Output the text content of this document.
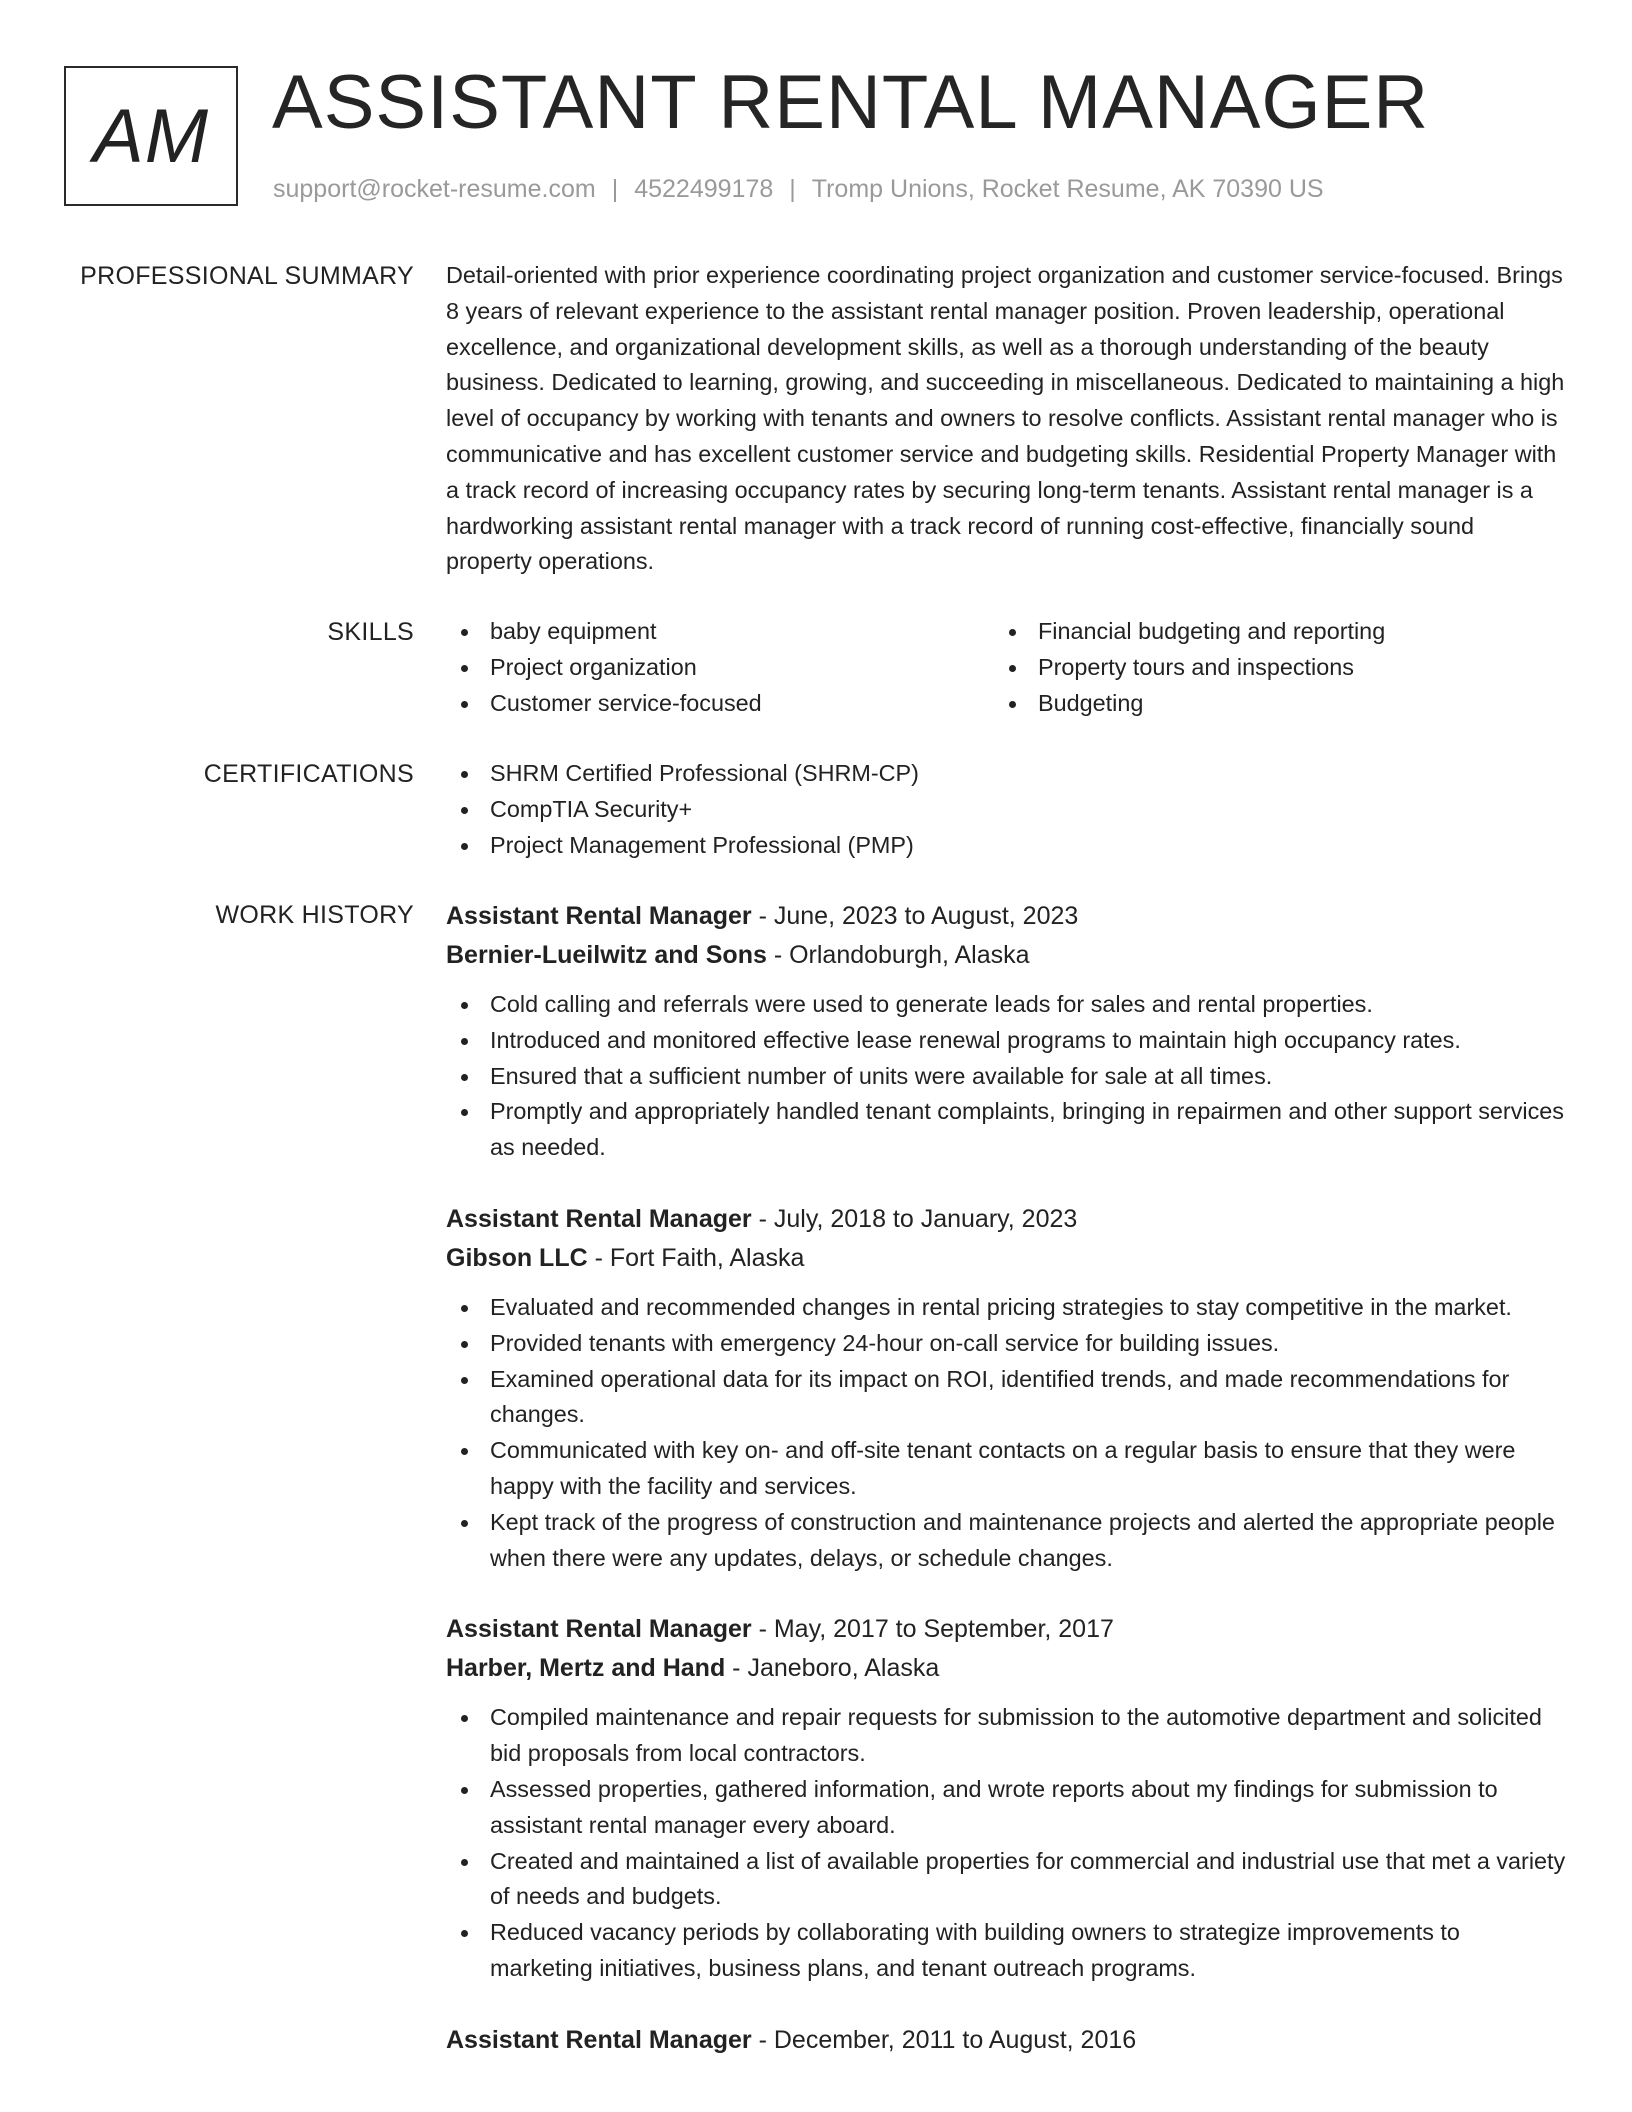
AM ASSISTANT RENTAL MANAGER
support@rocket-resume.com | 4522499178 | Tromp Unions, Rocket Resume, AK 70390 US
PROFESSIONAL SUMMARY Detail-oriented with prior experience coordinating project organization and customer service-focused. Brings 8 years of relevant experience to the assistant rental manager position. Proven leadership, operational excellence, and organizational development skills, as well as a thorough understanding of the beauty business. Dedicated to learning, growing, and succeeding in miscellaneous. Dedicated to maintaining a high level of occupancy by working with tenants and owners to resolve conflicts. Assistant rental manager who is communicative and has excellent customer service and budgeting skills. Residential Property Manager with a track record of increasing occupancy rates by securing long-term tenants. Assistant rental manager is a hardworking assistant rental manager with a track record of running cost-effective, financially sound property operations.

SKILLS	baby equipment
Project organization
Customer service-focused
Financial budgeting and reporting
Property tours and inspections
Budgeting
CERTIFICATIONS	SHRM Certified Professional (SHRM-CP)
CompTIA Security+
Project Management Professional (PMP)
WORK HISTORY Assistant Rental Manager - June, 2023 to August, 2023
Bernier-Lueilwitz and Sons - Orlandoburgh, Alaska
Cold calling and referrals were used to generate leads for sales and rental properties.
Introduced and monitored effective lease renewal programs to maintain high occupancy rates.
Ensured that a sufficient number of units were available for sale at all times.
Promptly and appropriately handled tenant complaints, bringing in repairmen and other support services as needed.
Assistant Rental Manager - July, 2018 to January, 2023
Gibson LLC - Fort Faith, Alaska
Evaluated and recommended changes in rental pricing strategies to stay competitive in the market.
Provided tenants with emergency 24-hour on-call service for building issues.
Examined operational data for its impact on ROI, identified trends, and made recommendations for changes.
Communicated with key on- and off-site tenant contacts on a regular basis to ensure that they were happy with the facility and services.
Kept track of the progress of construction and maintenance projects and alerted the appropriate people when there were any updates, delays, or schedule changes.
Assistant Rental Manager - May, 2017 to September, 2017
Harber, Mertz and Hand - Janeboro, Alaska
Compiled maintenance and repair requests for submission to the automotive department and solicited bid proposals from local contractors.
Assessed properties, gathered information, and wrote reports about my findings for submission to assistant rental manager every aboard.
Created and maintained a list of available properties for commercial and industrial use that met a variety of needs and budgets.
Reduced vacancy periods by collaborating with building owners to strategize improvements to marketing initiatives, business plans, and tenant outreach programs.
Assistant Rental Manager - December, 2011 to August, 2016
